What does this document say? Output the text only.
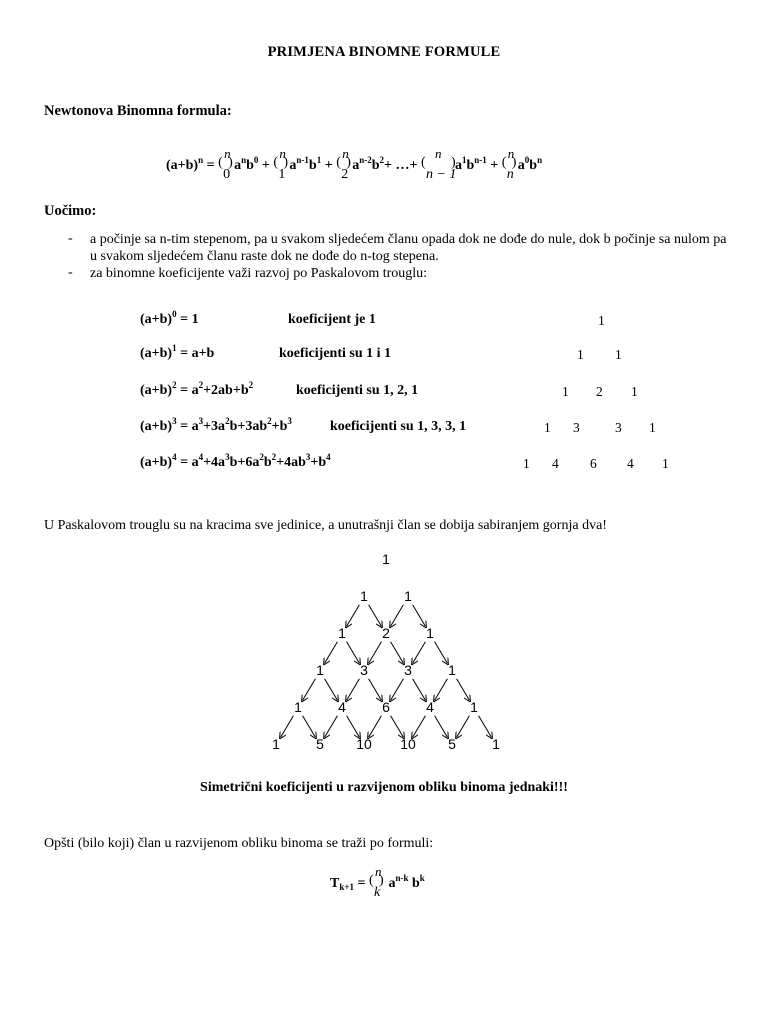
PRIMJENA BINOMNE FORMULE
Newtonova Binomna formula:
$(a+b)^n$ = (
n
0
) $a^nb^0$ + (
n
1
) $a^{n-1}b^1$ + (
n
2
) $a^{n-2}b^2+$ …+ (
n
n − 1
) $a^1b^{n-1}$ + (
n
n
) $a^0b^n$
Uočimo:
- a počinje sa n-tim stepenom, pa u svakom sljedećem članu opada dok ne dođe do nule, dok b počinje sa nulom pa u svakom sljedećem članu raste dok ne dođe do n-tog stepena.
- za binomne koeficijente važi razvoj po Paskalovom trouglu:
$(a+b)^0 = 1$	koeficijent je 1	1
$(a+b)^1 = a+b$	koeficijenti su 1 i 1	1 1
$(a+b)^2 = a^2+2ab+b^2$	koeficijenti su 1, 2, 1	1 2 1
$(a+b)^3 = a^3+3a^2b+3ab^2+b^3$	koeficijenti su 1, 3, 3, 1	1 3	3 1
$(a+b)^4 = a^4+4a^3b+6a^2b^2+4ab^3+b^4$	1 4 6 4 1
U Paskalovom trouglu su na kracima sve jedinice, a unutrašnji član se dobija sabiranjem gornja dva!
1
1	1
1	2	1
1	3	3	1
1	4	6	4	1
1	5	10 10	5	1
Simetrični koeficijenti u razvijenom obliku binoma jednaki!!!
Opšti (bilo koji) član u razvijenom obliku binoma se traži po formuli:
$T_{k+1}$ = (
n
k
) $a^{n-k}$ $b^k$
